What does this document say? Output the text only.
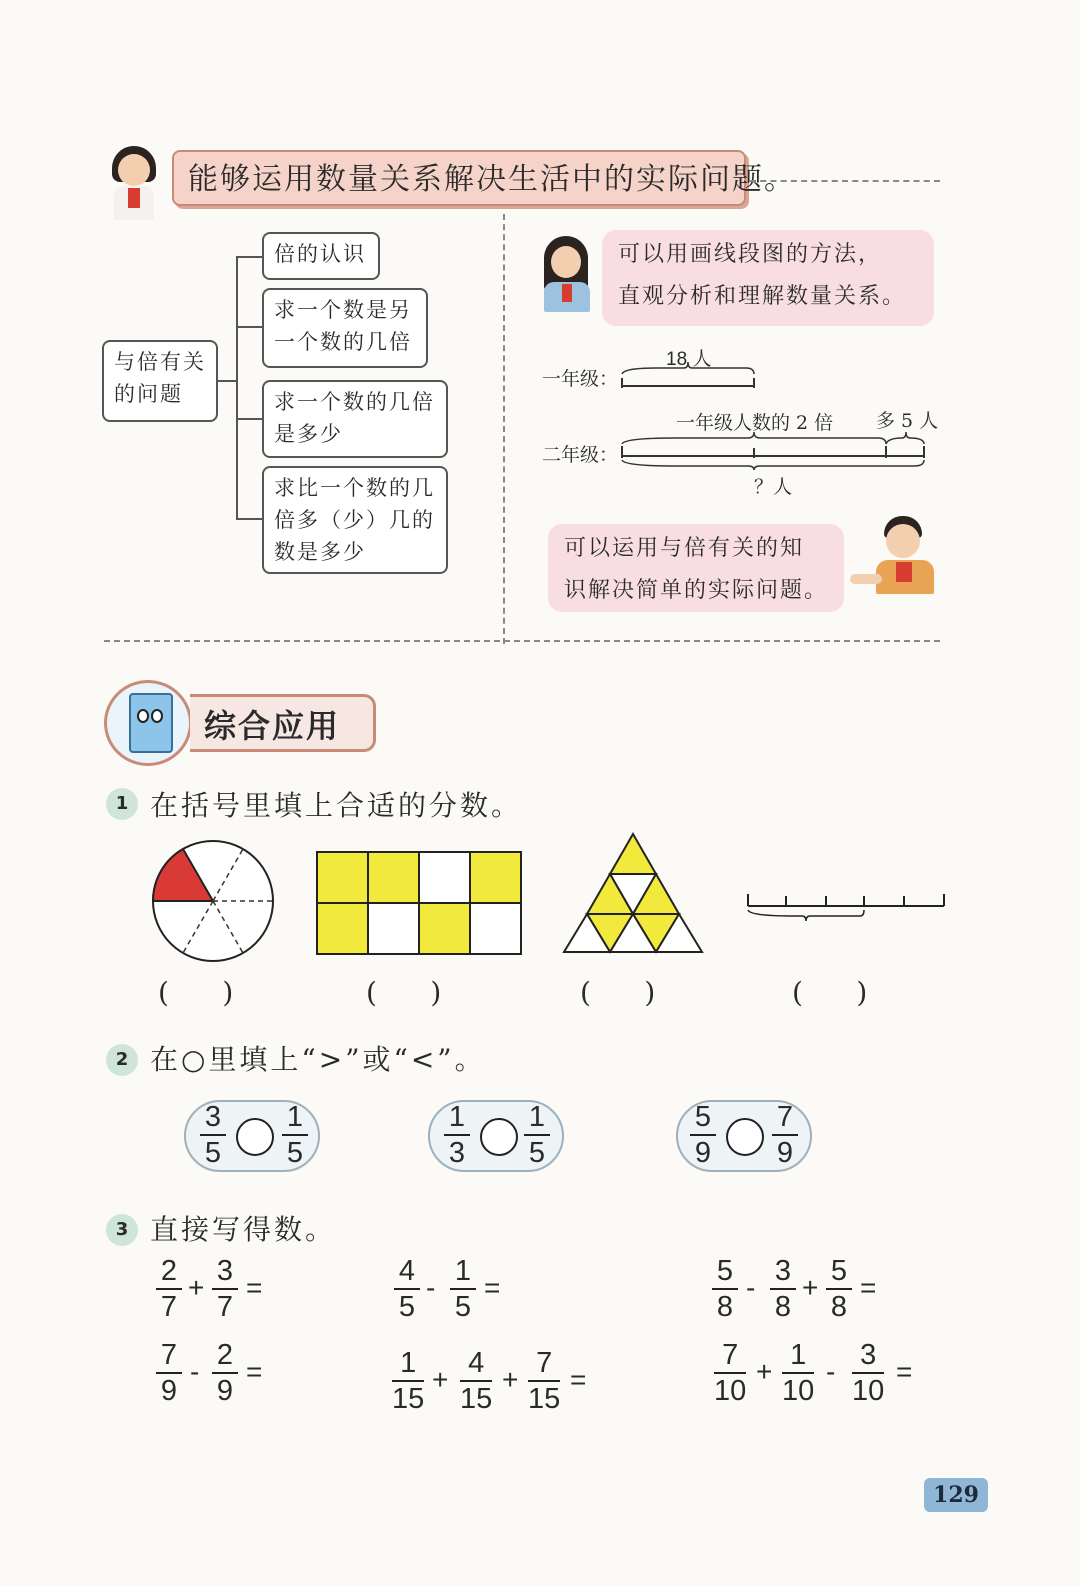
能够运用数量关系解决生活中的实际问题。
与倍有关
的问题
倍的认识
求一个数是另
一个数的几倍
求一个数的几倍
是多少
求比一个数的几
倍多（少）几的
数是多少
可以用画线段图的方法，
直观分析和理解数量关系。
一年级：
18 人
二年级：
一年级人数的 2 倍 多 5 人
？人
可以运用与倍有关的知
识解决简单的实际问题。
综合应用
1 在括号里填上合适的分数。
(      )	(      )	(      )	(      )
2 在○里填上“>”或“<”。
3
5
1
5
1
3
1
5
5
9
7
9
3 直接写得数。
2
7
+
3
7
=
4
5
-
1
5
=
5
8
-
3
8
+
5
8
=
7
9
-
2
9
=	1
15
+
4
15
+
7
15
=
7
10
+
1
10
-
3
10
=
129
